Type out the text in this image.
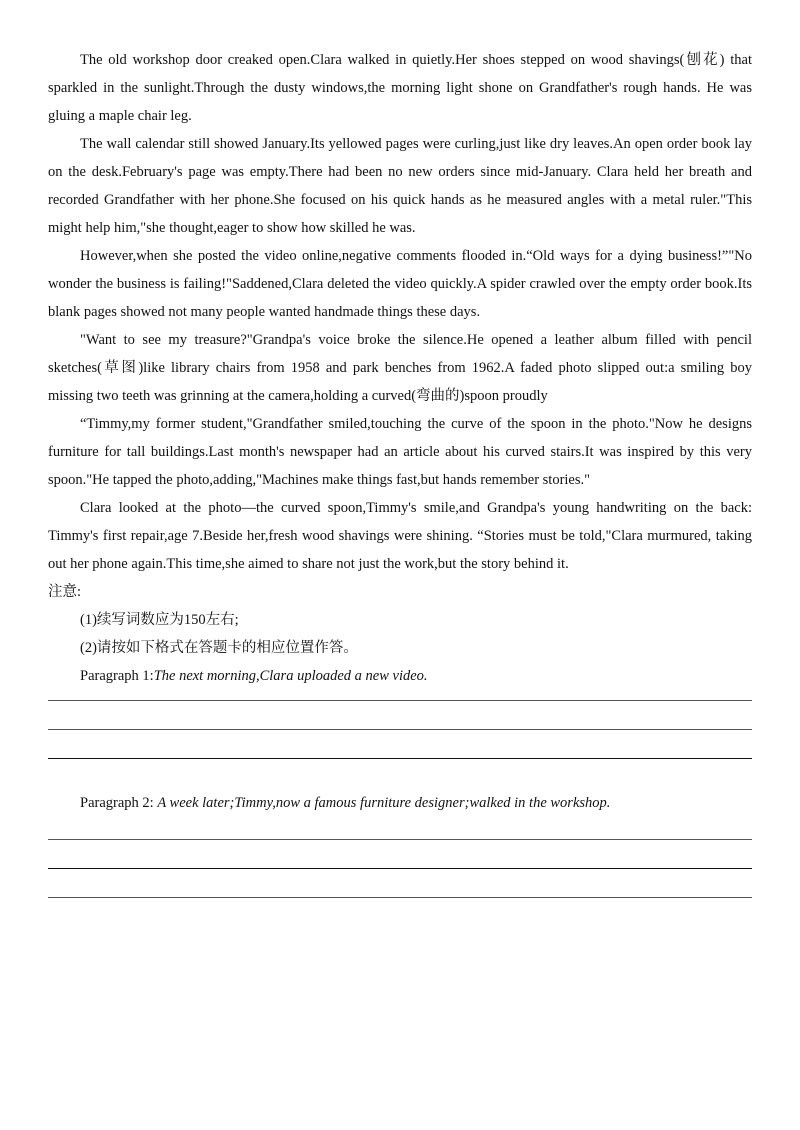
The old workshop door creaked open.Clara walked in quietly.Her shoes stepped on wood shavings(刨花) that sparkled in the sunlight.Through the dusty windows,the morning light shone on Grandfather's rough hands. He was gluing a maple chair leg.

The wall calendar still showed January.Its yellowed pages were curling,just like dry leaves.An open order book lay on the desk.February's page was empty.There had been no new orders since mid-January. Clara held her breath and recorded Grandfather with her phone.She focused on his quick hands as he measured angles with a metal ruler."This might help him,"she thought,eager to show how skilled he was.

However,when she posted the video online,negative comments flooded in.“Old ways for a dying business!”"No wonder the business is failing!"Saddened,Clara deleted the video quickly.A spider crawled over the empty order book.Its blank pages showed not many people wanted handmade things these days.

"Want to see my treasure?"Grandpa's voice broke the silence.He opened a leather album filled with pencil sketches(草图)like library chairs from 1958 and park benches from 1962.A faded photo slipped out:a smiling boy missing two teeth was grinning at the camera,holding a curved(弯曲的)spoon proudly

“Timmy,my former student,"Grandfather smiled,touching the curve of the spoon in the photo."Now he designs furniture for tall buildings.Last month's newspaper had an article about his curved stairs.It was inspired by this very spoon."He tapped the photo,adding,"Machines make things fast,but hands remember stories."

Clara looked at the photo—the curved spoon,Timmy's smile,and Grandpa's young handwriting on the back: Timmy's first repair,age 7.Beside her,fresh wood shavings were shining. “Stories must be told,"Clara murmured, taking out her phone again.This time,she aimed to share not just the work,but the story behind it.

注意:

(1)续写词数应为150左右;

(2)请按如下格式在答题卡的相应位置作答。

Paragraph 1:The next morning,Clara uploaded a new video.

Paragraph 2: A week later;Timmy,now a famous furniture designer;walked in the workshop.
